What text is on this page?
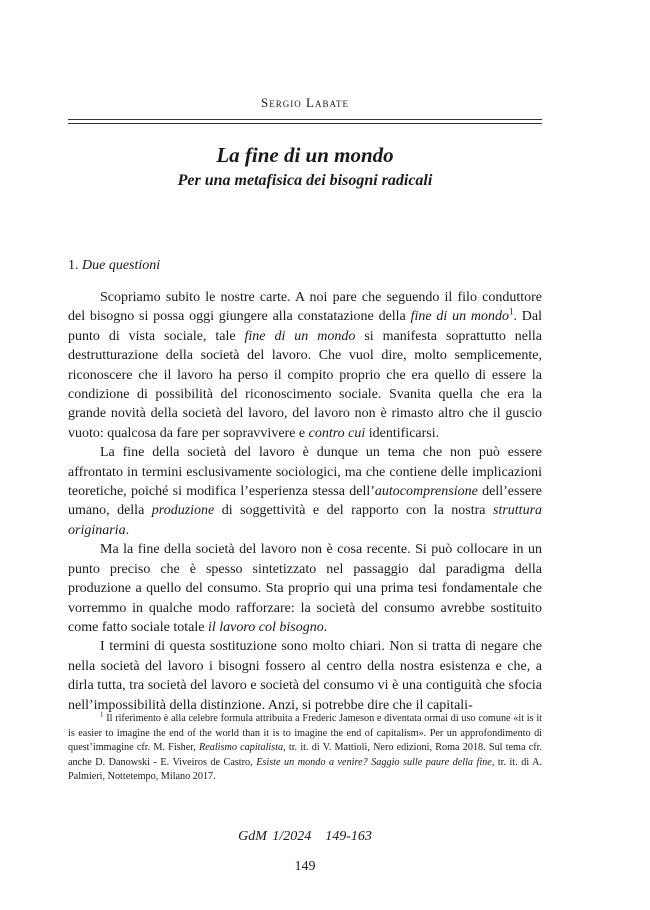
Sergio Labate
La fine di un mondo
Per una metafisica dei bisogni radicali
1. Due questioni

Scopriamo subito le nostre carte. A noi pare che seguendo il filo conduttore del bisogno si possa oggi giungere alla constatazione della fine di un mondo$^1$. Dal punto di vista sociale, tale fine di un mondo si manifesta soprattutto nella destrutturazione della società del lavoro. Che vuol dire, molto semplicemente, riconoscere che il lavoro ha perso il compito proprio che era quello di essere la condizione di possibilità del riconoscimento sociale. Svanita quella che era la grande novità della società del lavoro, del lavoro non è rimasto altro che il guscio vuoto: qualcosa da fare per sopravvivere e contro cui identificarsi.

La fine della società del lavoro è dunque un tema che non può essere affrontato in termini esclusivamente sociologici, ma che contiene delle implicazioni teoretiche, poiché si modifica l’esperienza stessa dell’autocomprensione dell’essere umano, della produzione di soggettività e del rapporto con la nostra struttura originaria.

Ma la fine della società del lavoro non è cosa recente. Si può collocare in un punto preciso che è spesso sintetizzato nel passaggio dal paradigma della produzione a quello del consumo. Sta proprio qui una prima tesi fondamentale che vorremmo in qualche modo rafforzare: la società del consumo avrebbe sostituito come fatto sociale totale il lavoro col bisogno.

I termini di questa sostituzione sono molto chiari. Non si tratta di negare che nella società del lavoro i bisogni fossero al centro della nostra esistenza e che, a dirla tutta, tra società del lavoro e società del consumo vi è una contiguità che sfocia nell’impossibilità della distinzione. Anzi, si potrebbe dire che il capitali-

$^1$ Il riferimento è alla celebre formula attribuita a Frederic Jameson e diventata ormai di uso comune «it is it is easier to imagine the end of the world than it is to imagine the end of capitalism». Per un approfondimento di quest’immagine cfr. M. Fisher, Realismo capitalista, tr. it. di V. Mattioli, Nero edizioni, Roma 2018. Sul tema cfr. anche D. Danowski - E. Viveiros de Castro, Esiste un mondo a venire? Saggio sulle paure della fine, tr. it. di A. Palmieri, Nottetempo, Milano 2017.

GdM 1/2024 149-163
149
